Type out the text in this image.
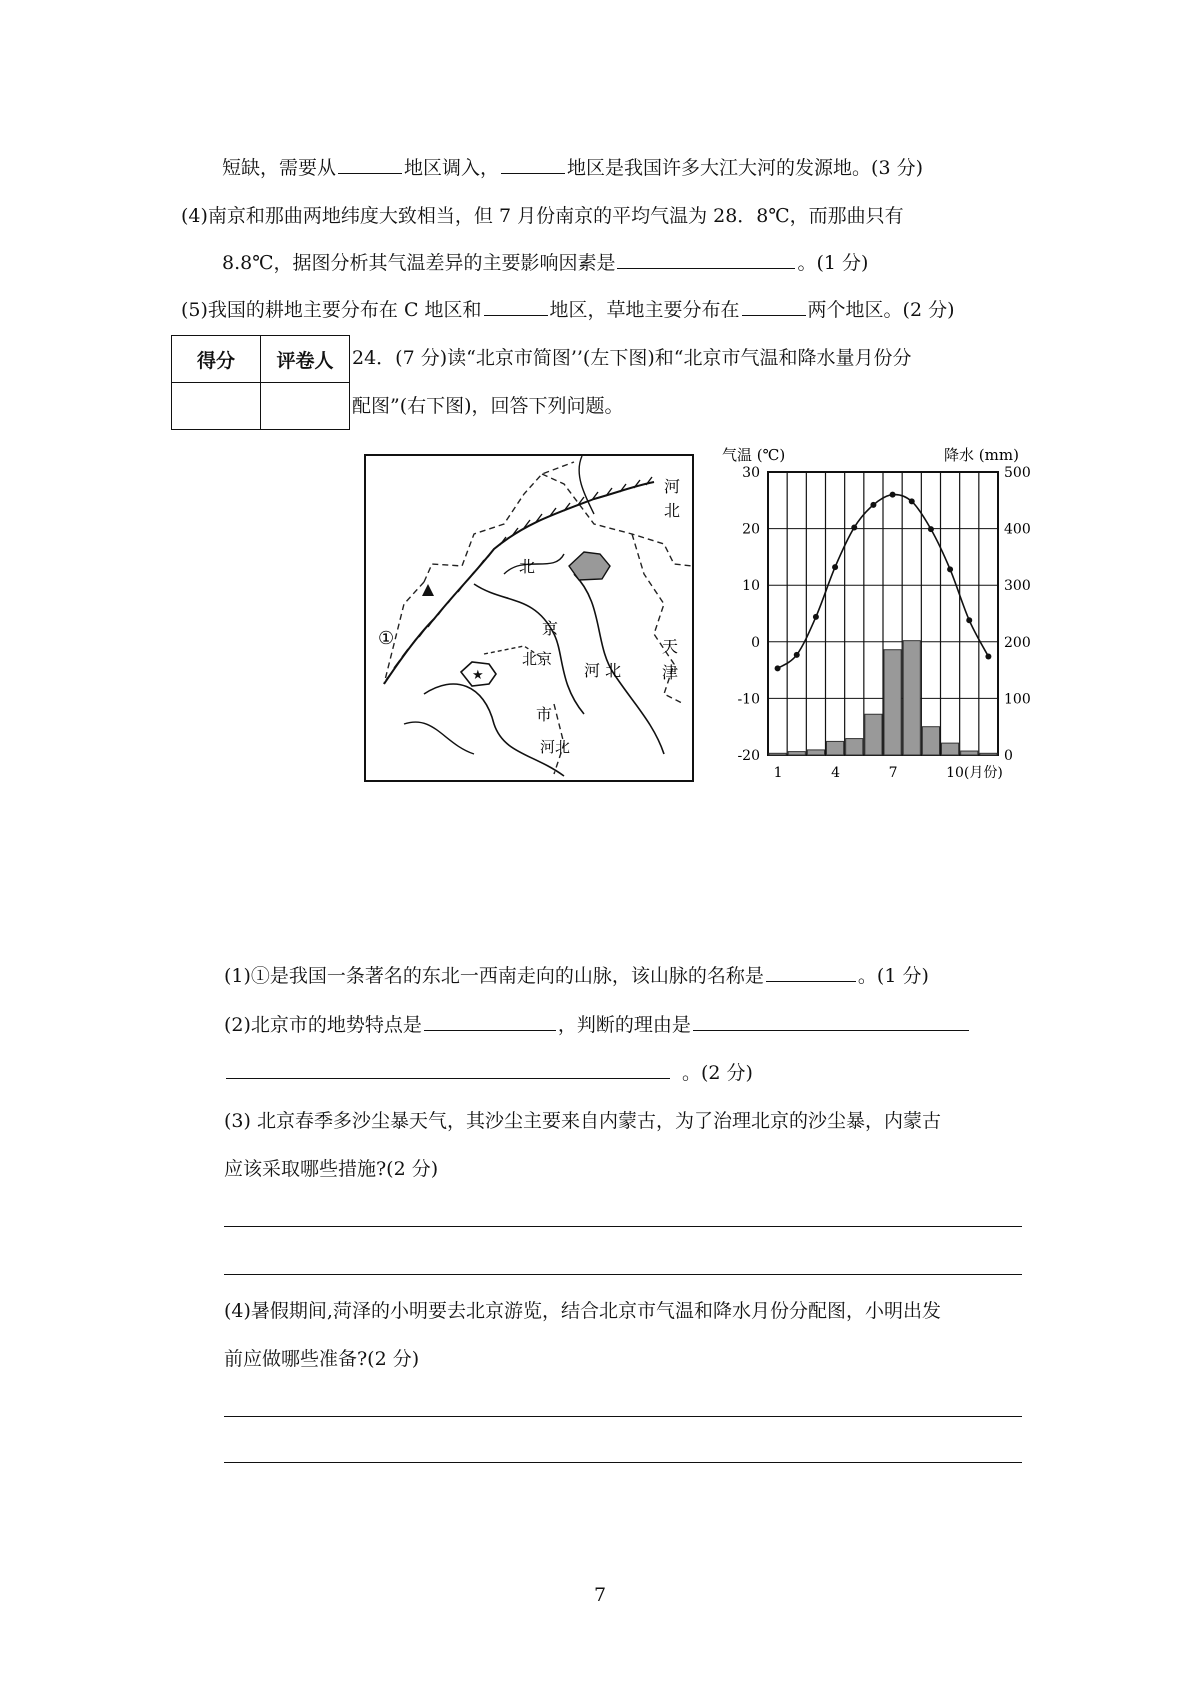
短缺，需要从	地区调入，	地区是我国许多大江大河的发源地。(3 分)
(4)南京和那曲两地纬度大致相当，但 7 月份南京的平均气温为 28．8℃，而那曲只有
8.8℃，据图分析其气温差异的主要影响因素是	。(1 分)
(5)我国的耕地主要分布在 C 地区和	地区，草地主要分布在	两个地区。(2 分)
得分	评卷人
	24．(7 分)读“北京市简图’’(左下图)和“北京市气温和降水量月份分
配图”(右下图)，回答下列问题。
★
河
北
北
京
北京
天
津
河 北
市
河北
①
30
20
10
0
-10
-20
500
400
300
200
100
0
1	4	7	10(月份)
气温 (℃)	降水 (mm)
(1)①是我国一条著名的东北一西南走向的山脉，该山脉的名称是	。(1 分)
(2)北京市的地势特点是	，判断的理由是
。(2 分)
(3) 北京春季多沙尘暴天气，其沙尘主要来自内蒙古，为了治理北京的沙尘暴，内蒙古
应该采取哪些措施?(2 分)
(4)暑假期间,菏泽的小明要去北京游览，结合北京市气温和降水月份分配图，小明出发
前应做哪些准备?(2 分)
7
